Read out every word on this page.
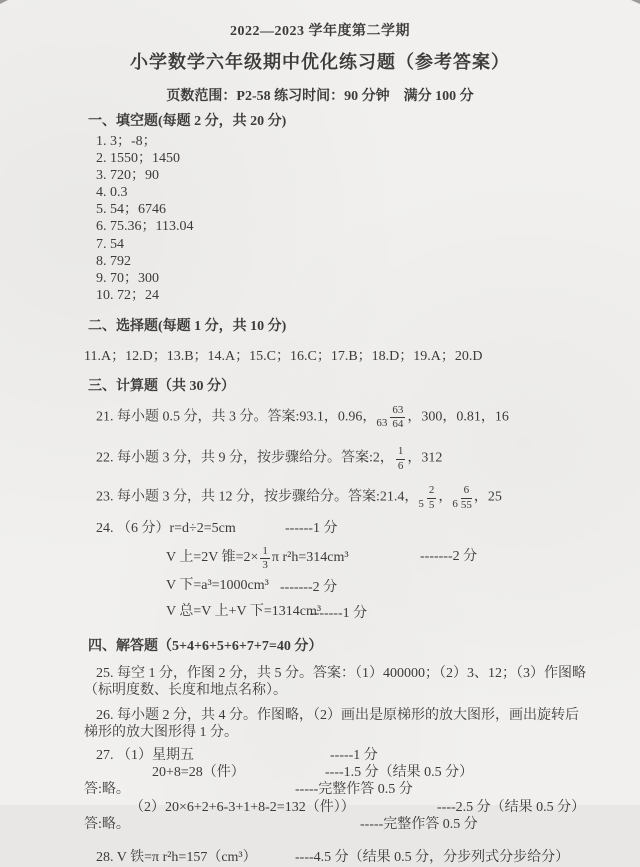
2022—2023 学年度第二学期
小学数学六年级期中优化练习题（参考答案）
页数范围：P2-58 练习时间：90 分钟　满分 100 分
一、填空题(每题 2 分，共 20 分)
1. 3；-8；
2. 1550；1450
3. 720；90
4. 0.3
5. 54；6746
6. 75.36；113.04
7. 54
8. 792
9. 70；300
10. 72；24
二、选择题(每题 1 分，共 10 分)
11.A；12.D；13.B；14.A；15.C；16.C；17.B；18.D；19.A；20.D
三、计算题（共 30 分）

21. 每小题 0.5 分，共 3 分。答案:93.1，0.96，$_{63} \frac{63}{64}$ ，300，0.81，16

22. 每小题 3 分，共 9 分，按步骤给分。答案:2， $\frac{1}{6}$ ，312

23. 每小题 3 分，共 12 分，按步骤给分。答案:21.4，$_5 \frac{2}{5}$ ，$_6 \frac{6}{55}$ ，25

24. （6 分）r=d÷2=5cm	------1 分
V 上=2V 锥$=2\times \frac{1}{3}$ π r²h=314cm³	-------2 分
V 下=a³=1000cm³ -------2 分
V 总=V 上+V 下=1314cm³
-------1 分
四、解答题（5+4+6+5+6+7+7=40 分）

25. 每空 1 分，作图 2 分，共 5 分。答案：（1）400000；（2）3、12；（3）作图略（标明度数、长度和地点名称）。

26. 每小题 2 分，共 4 分。作图略，（2）画出是原梯形的放大图形，画出旋转后梯形的放大图形得 1 分。

27. （1）星期五	-----1 分
20+8=28（件）	----1.5 分（结果 0.5 分）
答:略。	-----完整作答 0.5 分
（2）20×6+2+6-3+1+8-2=132（件））	----2.5 分（结果 0.5 分）
答:略。	-----完整作答 0.5 分
28. V 铁=π r²h=157（cm³）	----4.5 分（结果 0.5 分，分步列式分步给分）
